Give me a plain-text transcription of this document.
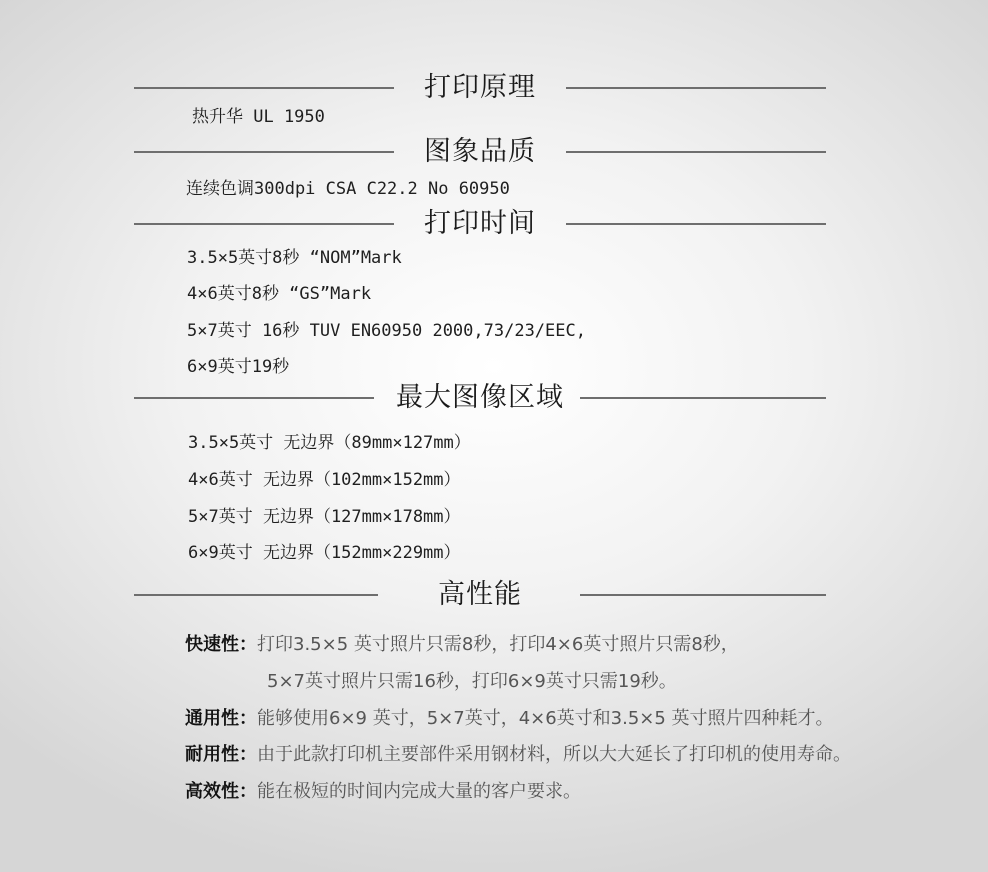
打印原理
热升华 UL 1950
图象品质
连续色调300dpi CSA C22.2 No 60950
打印时间
3.5×5英寸8秒 “NOM”Mark
4×6英寸8秒 “GS”Mark
5×7英寸 16秒 TUV EN60950 2000,73/23/EEC,
6×9英寸19秒
最大图像区域
3.5×5英寸 无边界（89mm×127mm）
4×6英寸 无边界（102mm×152mm）
5×7英寸 无边界（127mm×178mm）
6×9英寸 无边界（152mm×229mm）
高性能
快速性：打印3.5×5 英寸照片只需8秒，打印4×6英寸照片只需8秒，
5×7英寸照片只需16秒，打印6×9英寸只需19秒。
通用性：能够使用6×9 英寸，5×7英寸，4×6英寸和3.5×5 英寸照片四种耗才。
耐用性：由于此款打印机主要部件采用钢材料，所以大大延长了打印机的使用寿命。
高效性：能在极短的时间内完成大量的客户要求。
